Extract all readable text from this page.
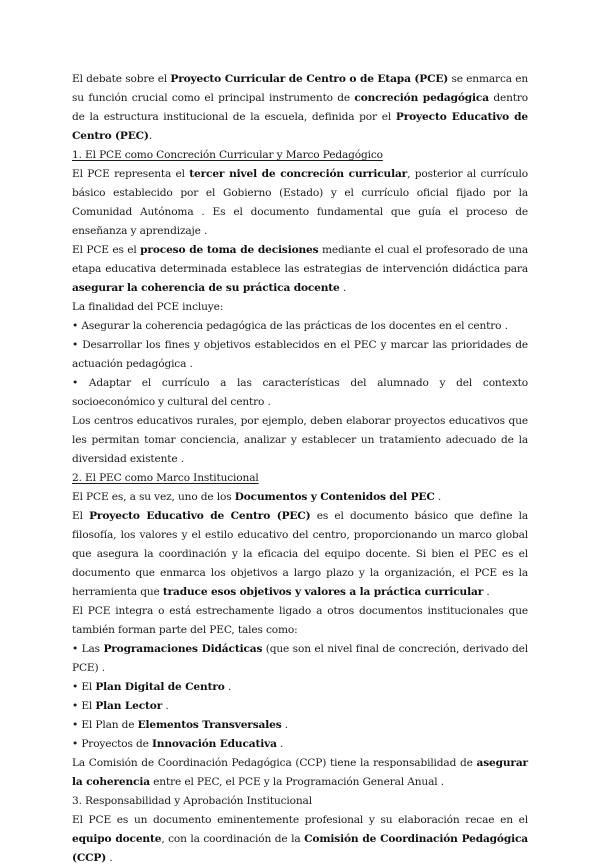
El debate sobre el Proyecto Curricular de Centro o de Etapa (PCE) se enmarca en su función crucial como el principal instrumento de concreción pedagógica dentro de la estructura institucional de la escuela, definida por el Proyecto Educativo de Centro (PEC).

1. El PCE como Concreción Curricular y Marco Pedagógico

El PCE representa el tercer nivel de concreción curricular, posterior al currículo básico establecido por el Gobierno (Estado) y el currículo oficial fijado por la Comunidad Autónoma . Es el documento fundamental que guía el proceso de enseñanza y aprendizaje .

El PCE es el proceso de toma de decisiones mediante el cual el profesorado de una etapa educativa determinada establece las estrategias de intervención didáctica para asegurar la coherencia de su práctica docente .

La finalidad del PCE incluye:

• Asegurar la coherencia pedagógica de las prácticas de los docentes en el centro .

• Desarrollar los fines y objetivos establecidos en el PEC y marcar las prioridades de actuación pedagógica .

• Adaptar el currículo a las características del alumnado y del contexto socioeconómico y cultural del centro .

Los centros educativos rurales, por ejemplo, deben elaborar proyectos educativos que les permitan tomar conciencia, analizar y establecer un tratamiento adecuado de la diversidad existente .

2. El PEC como Marco Institucional

El PCE es, a su vez, uno de los Documentos y Contenidos del PEC .

El Proyecto Educativo de Centro (PEC) es el documento básico que define la filosofía, los valores y el estilo educativo del centro, proporcionando un marco global que asegura la coordinación y la eficacia del equipo docente. Si bien el PEC es el documento que enmarca los objetivos a largo plazo y la organización, el PCE es la herramienta que traduce esos objetivos y valores a la práctica curricular .

El PCE integra o está estrechamente ligado a otros documentos institucionales que también forman parte del PEC, tales como:

• Las Programaciones Didácticas (que son el nivel final de concreción, derivado del PCE) .

• El Plan Digital de Centro .

• El Plan Lector .

• El Plan de Elementos Transversales .

• Proyectos de Innovación Educativa .

La Comisión de Coordinación Pedagógica (CCP) tiene la responsabilidad de asegurar la coherencia entre el PEC, el PCE y la Programación General Anual .

3. Responsabilidad y Aprobación Institucional

El PCE es un documento eminentemente profesional y su elaboración recae en el equipo docente, con la coordinación de la Comisión de Coordinación Pedagógica (CCP) .
